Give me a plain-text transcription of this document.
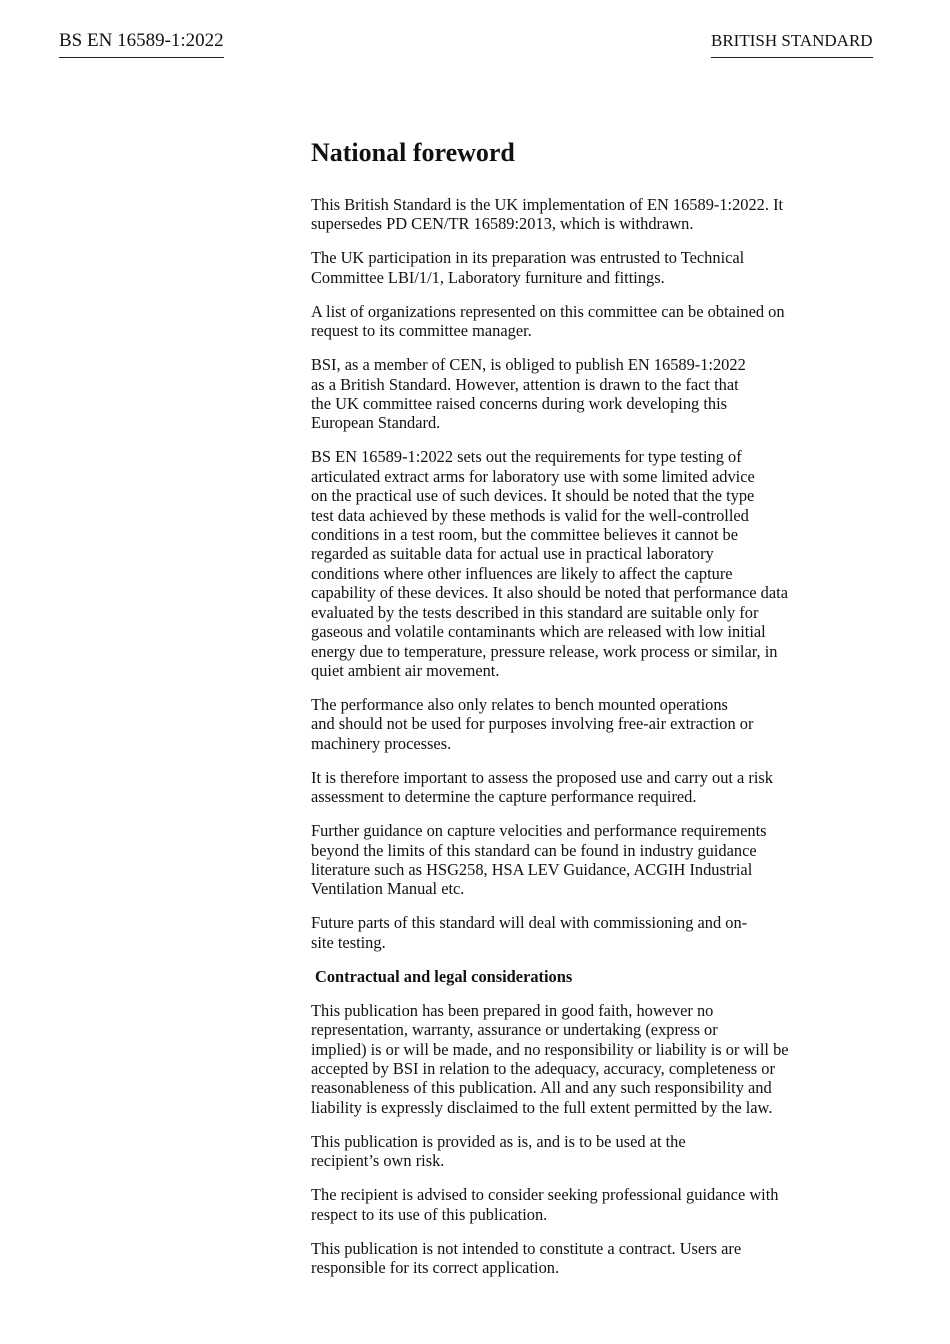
BS EN 16589-1:2022	BRITISH STANDARD
National foreword

This British Standard is the UK implementation of EN 16589-1:2022. It
supersedes PD CEN/TR 16589:2013, which is withdrawn.

The UK participation in its preparation was entrusted to Technical
Committee LBI/1/1, Laboratory furniture and fittings.

A list of organizations represented on this committee can be obtained on
request to its committee manager.

BSI, as a member of CEN, is obliged to publish EN 16589-1:2022
as a British Standard. However, attention is drawn to the fact that
the UK committee raised concerns during work developing this
European Standard.

BS EN 16589-1:2022 sets out the requirements for type testing of
articulated extract arms for laboratory use with some limited advice
on the practical use of such devices. It should be noted that the type
test data achieved by these methods is valid for the well-controlled
conditions in a test room, but the committee believes it cannot be
regarded as suitable data for actual use in practical laboratory
conditions where other influences are likely to affect the capture
capability of these devices. It also should be noted that performance data
evaluated by the tests described in this standard are suitable only for
gaseous and volatile contaminants which are released with low initial
energy due to temperature, pressure release, work process or similar, in
quiet ambient air movement.

The performance also only relates to bench mounted operations
and should not be used for purposes involving free-air extraction or
machinery processes.

It is therefore important to assess the proposed use and carry out a risk
assessment to determine the capture performance required.

Further guidance on capture velocities and performance requirements
beyond the limits of this standard can be found in industry guidance
literature such as HSG258, HSA LEV Guidance, ACGIH Industrial
Ventilation Manual etc.

Future parts of this standard will deal with commissioning and on-
site testing.

Contractual and legal considerations

This publication has been prepared in good faith, however no
representation, warranty, assurance or undertaking (express or
implied) is or will be made, and no responsibility or liability is or will be
accepted by BSI in relation to the adequacy, accuracy, completeness or
reasonableness of this publication. All and any such responsibility and
liability is expressly disclaimed to the full extent permitted by the law.

This publication is provided as is, and is to be used at the
recipient’s own risk.

The recipient is advised to consider seeking professional guidance with
respect to its use of this publication.

This publication is not intended to constitute a contract. Users are
responsible for its correct application.
